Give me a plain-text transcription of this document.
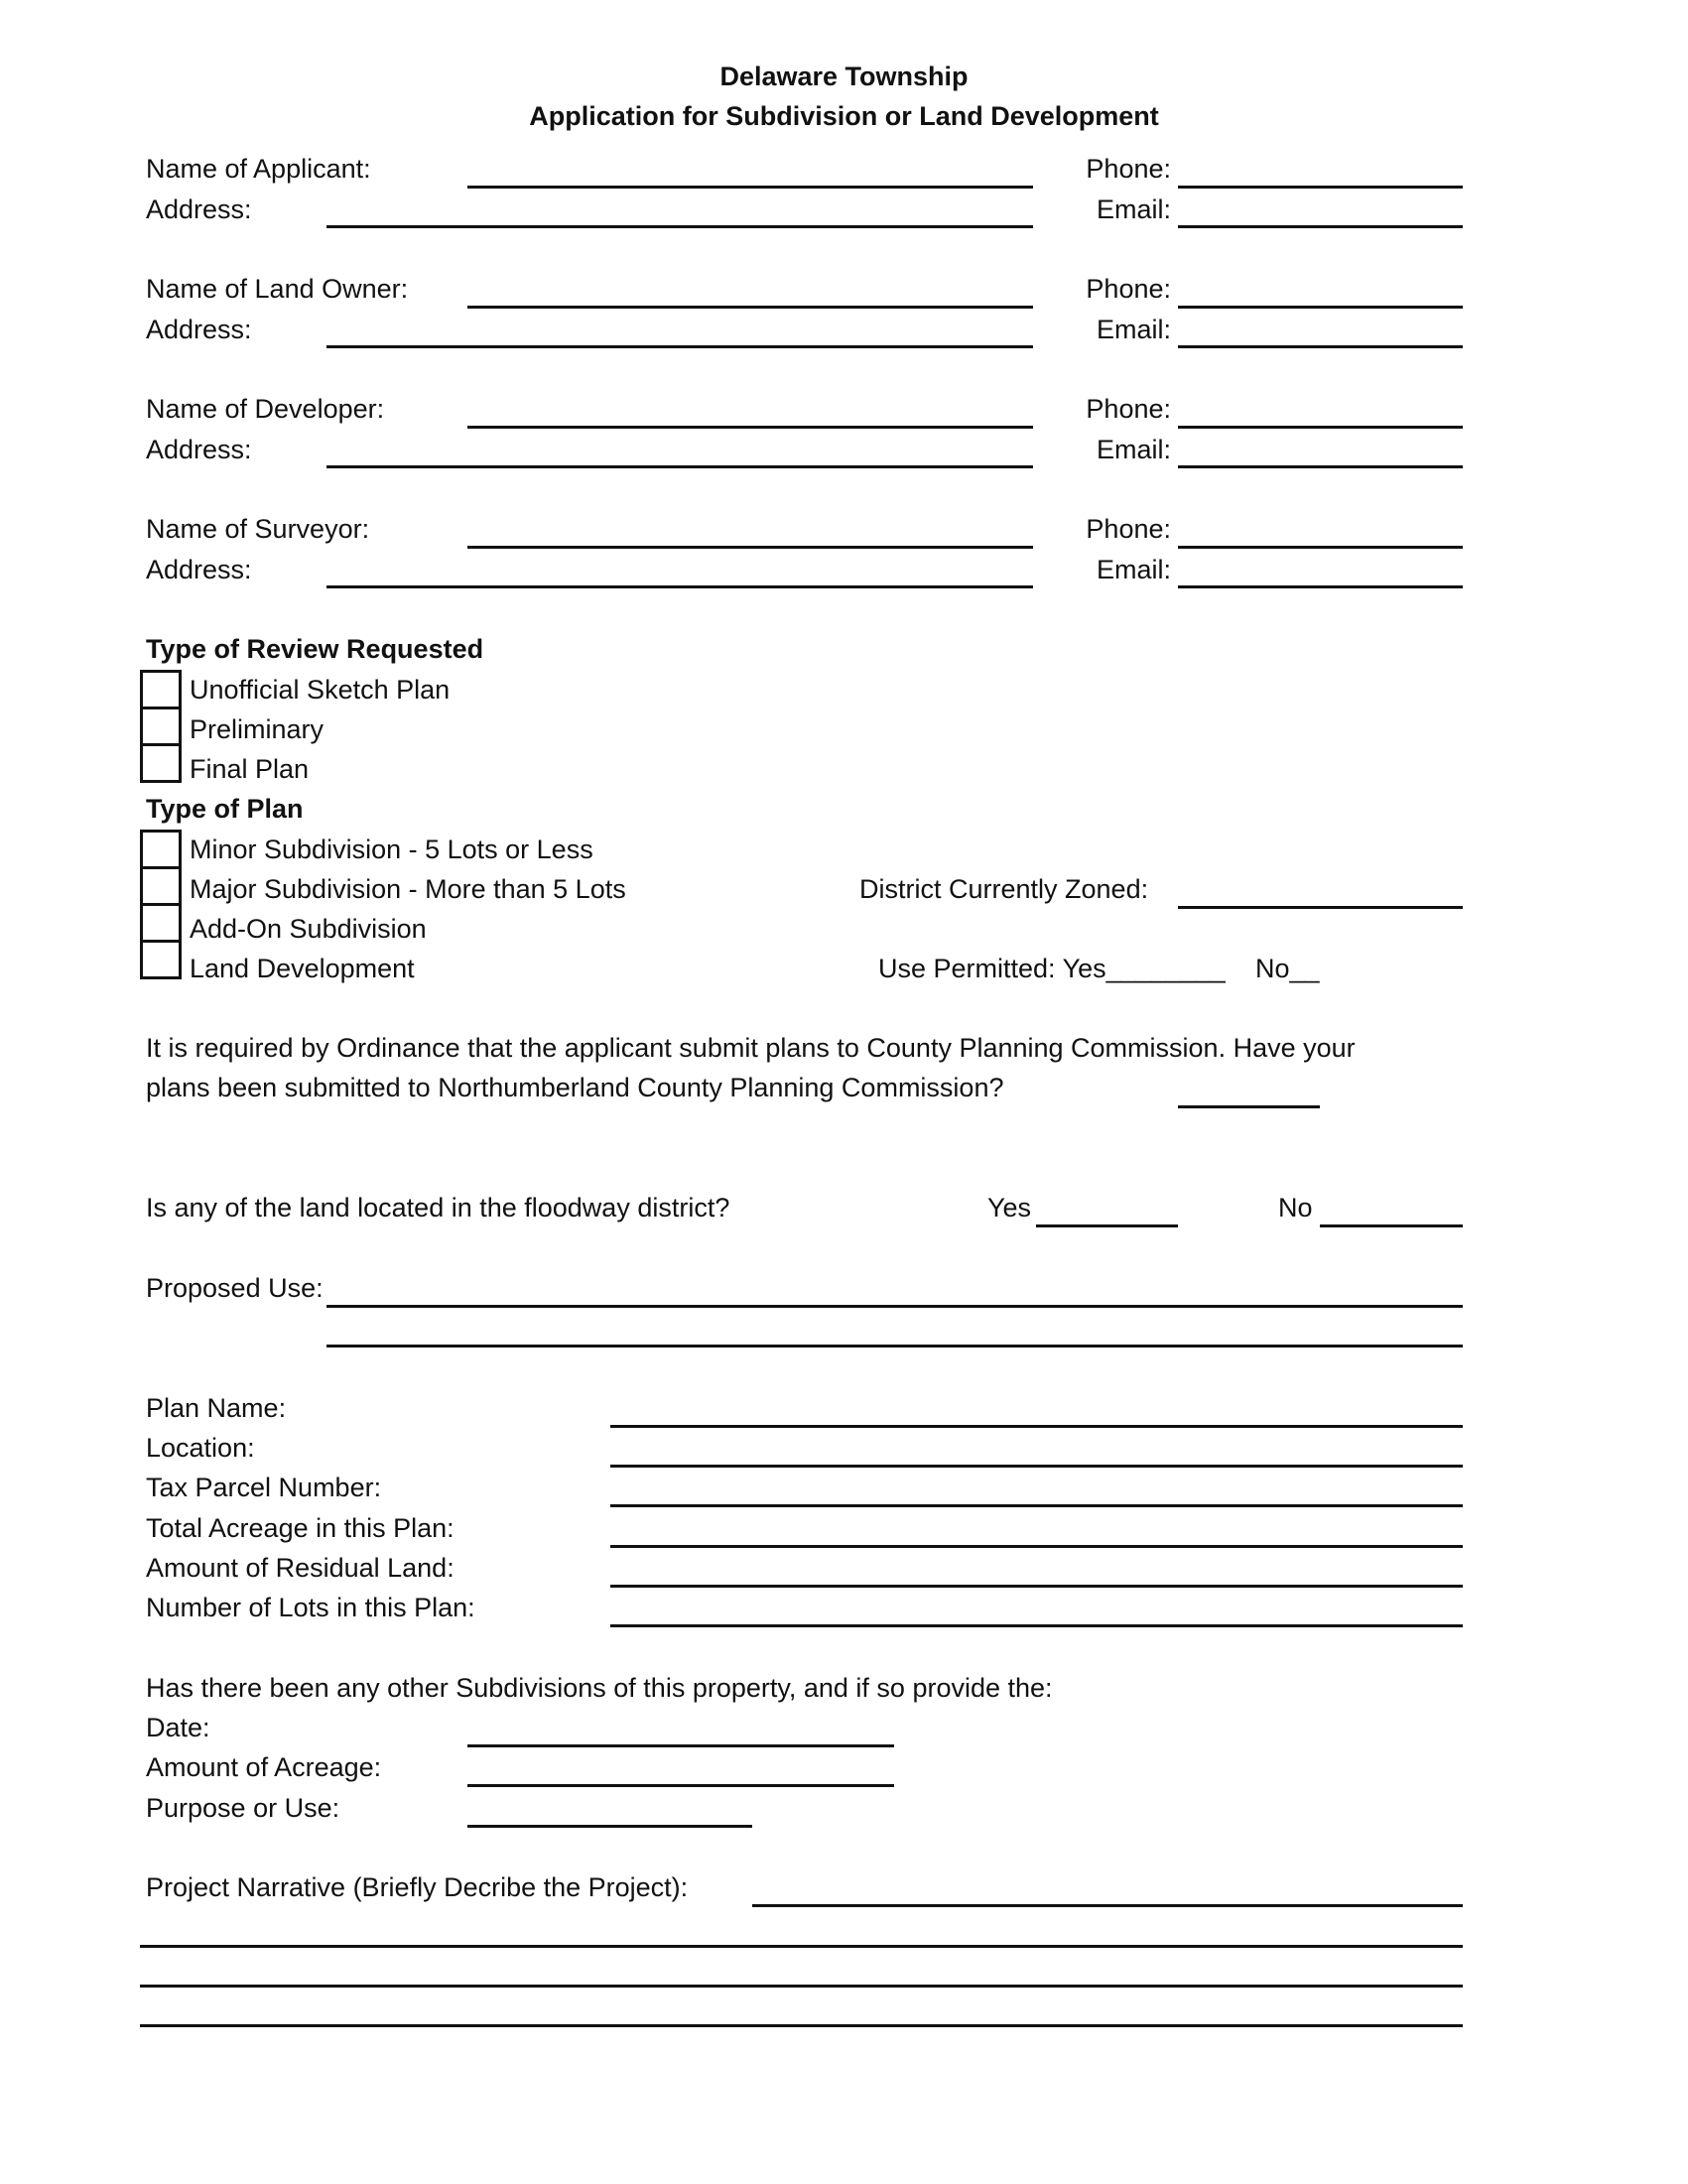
Delaware Township
Application for Subdivision or Land Development
Name of Applicant:	Phone:
Address:	Email:
Name of Land Owner:	Phone:
Address:	Email:
Name of Developer:	Phone:
Address:	Email:
Name of Surveyor:	Phone:
Address:	Email:
Type of Review Requested
Unofficial Sketch Plan
Preliminary
Final Plan
Type of Plan
Minor Subdivision - 5 Lots or Less
Major Subdivision - More than 5 Lots
Add-On Subdivision
Land Development
District Currently Zoned:
Use Permitted: Yes________ No__
It is required by Ordinance that the applicant submit plans to County Planning Commission. Have your
plans been submitted to Northumberland County Planning Commission?
Is any of the land located in the floodway district?	Yes	No
Proposed Use:
Plan Name:
Location:
Tax Parcel Number:
Total Acreage in this Plan:
Amount of Residual Land:
Number of Lots in this Plan:
Has there been any other Subdivisions of this property, and if so provide the:
Date:
Amount of Acreage:
Purpose or Use:
Project Narrative (Briefly Decribe the Project):
